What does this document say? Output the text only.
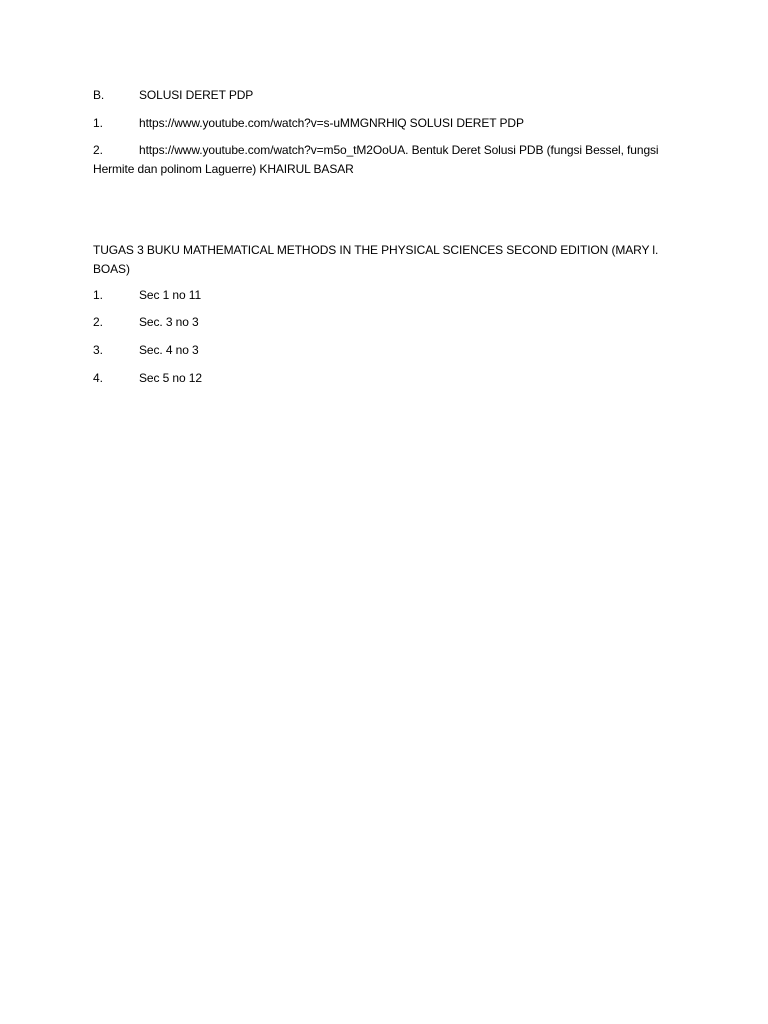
B.	SOLUSI DERET PDP
1.	https://www.youtube.com/watch?v=s-uMMGNRHlQ SOLUSI DERET PDP
2.	https://www.youtube.com/watch?v=m5o_tM2OoUA. Bentuk Deret Solusi PDB (fungsi Bessel, fungsi Hermite dan polinom Laguerre) KHAIRUL BASAR
TUGAS 3 BUKU MATHEMATICAL METHODS IN THE PHYSICAL SCIENCES SECOND EDITION (MARY l. BOAS)
1.	Sec 1 no 11
2.	Sec. 3 no 3
3.	Sec. 4 no 3
4.	Sec 5 no 12
